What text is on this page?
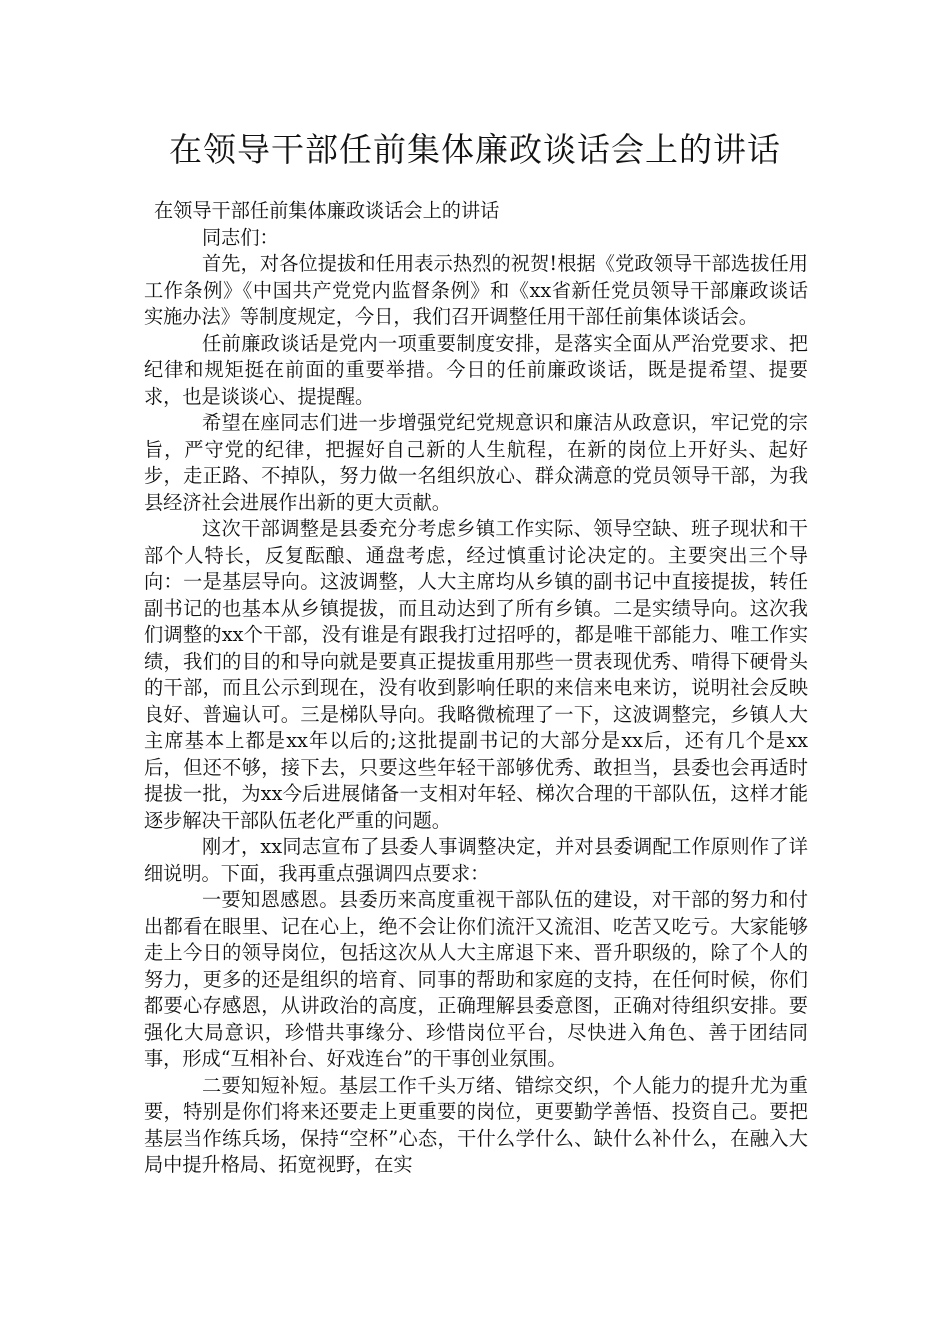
在领导干部任前集体廉政谈话会上的讲话

在领导干部任前集体廉政谈话会上的讲话

同志们：

首先，对各位提拔和任用表示热烈的祝贺!根据《党政领导干部选拔任用工作条例》《中国共产党党内监督条例》和《xx省新任党员领导干部廉政谈话实施办法》等制度规定，今日，我们召开调整任用干部任前集体谈话会。

任前廉政谈话是党内一项重要制度安排，是落实全面从严治党要求、把纪律和规矩挺在前面的重要举措。今日的任前廉政谈话，既是提希望、提要求，也是谈谈心、提提醒。

希望在座同志们进一步增强党纪党规意识和廉洁从政意识，牢记党的宗旨，严守党的纪律，把握好自己新的人生航程，在新的岗位上开好头、起好步，走正路、不掉队，努力做一名组织放心、群众满意的党员领导干部，为我县经济社会进展作出新的更大贡献。

这次干部调整是县委充分考虑乡镇工作实际、领导空缺、班子现状和干部个人特长，反复酝酿、通盘考虑，经过慎重讨论决定的。主要突出三个导向：一是基层导向。这波调整，人大主席均从乡镇的副书记中直接提拔，转任副书记的也基本从乡镇提拔，而且动达到了所有乡镇。二是实绩导向。这次我们调整的xx个干部，没有谁是有跟我打过招呼的，都是唯干部能力、唯工作实绩，我们的目的和导向就是要真正提拔重用那些一贯表现优秀、啃得下硬骨头的干部，而且公示到现在，没有收到影响任职的来信来电来访，说明社会反映良好、普遍认可。三是梯队导向。我略微梳理了一下，这波调整完，乡镇人大主席基本上都是xx年以后的;这批提副书记的大部分是xx后，还有几个是xx后，但还不够，接下去，只要这些年轻干部够优秀、敢担当，县委也会再适时提拔一批，为xx今后进展储备一支相对年轻、梯次合理的干部队伍，这样才能逐步解决干部队伍老化严重的问题。

刚才，xx同志宣布了县委人事调整决定，并对县委调配工作原则作了详细说明。下面，我再重点强调四点要求：

一要知恩感恩。县委历来高度重视干部队伍的建设，对干部的努力和付出都看在眼里、记在心上，绝不会让你们流汗又流泪、吃苦又吃亏。大家能够走上今日的领导岗位，包括这次从人大主席退下来、晋升职级的，除了个人的努力，更多的还是组织的培育、同事的帮助和家庭的支持，在任何时候，你们都要心存感恩，从讲政治的高度，正确理解县委意图，正确对待组织安排。要强化大局意识，珍惜共事缘分、珍惜岗位平台，尽快进入角色、善于团结同事，形成“互相补台、好戏连台”的干事创业氛围。

二要知短补短。基层工作千头万绪、错综交织，个人能力的提升尤为重要，特别是你们将来还要走上更重要的岗位，更要勤学善悟、投资自己。要把基层当作练兵场，保持“空杯”心态，干什么学什么、缺什么补什么，在融入大局中提升格局、拓宽视野，在实
